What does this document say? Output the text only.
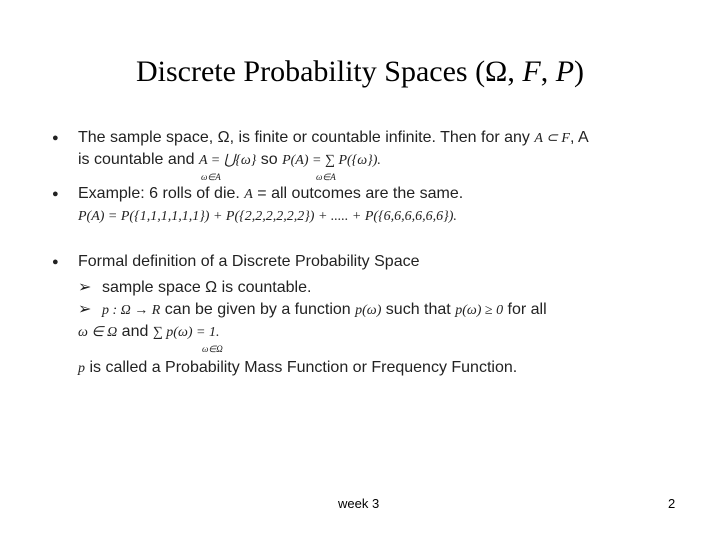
Discrete Probability Spaces (Ω, F, P)
● The sample space, Ω, is finite or countable infinite. Then for any A ⊂ F, A
is countable and A = ⋃{ω} so P(A) = ∑ P({ω}).
ω∈A	ω∈A
● Example: 6 rolls of die. A = all outcomes are the same.
P(A) = P({1,1,1,1,1,1}) + P({2,2,2,2,2,2}) + ..... + P({6,6,6,6,6,6}).
● Formal definition of a Discrete Probability Space
➢ sample space Ω is countable.
➢ p : Ω → R can be given by a function p(ω) such that p(ω) ≥ 0 for all
ω ∈ Ω and ∑ p(ω) = 1.
ω∈Ω
p is called a Probability Mass Function or Frequency Function.
week 3	2
